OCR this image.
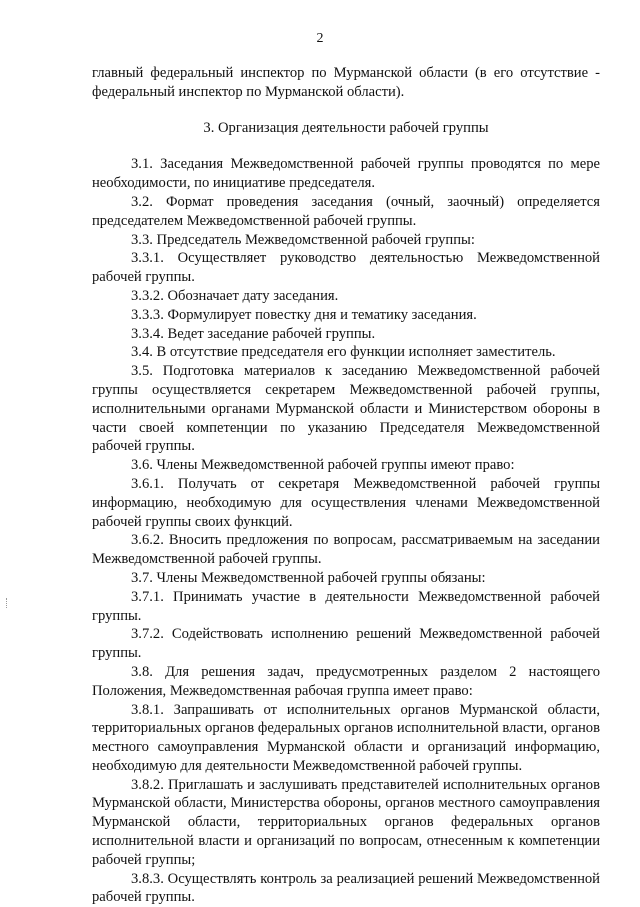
2

главный федеральный инспектор по Мурманской области (в его отсутствие - федеральный инспектор по Мурманской области).

3. Организация деятельности рабочей группы

3.1. Заседания Межведомственной рабочей группы проводятся по мере необходимости, по инициативе председателя.

3.2. Формат проведения заседания (очный, заочный) определяется председателем Межведомственной рабочей группы.

3.3. Председатель Межведомственной рабочей группы:

3.3.1. Осуществляет руководство деятельностью Межведомственной рабочей группы.

3.3.2. Обозначает дату заседания.

3.3.3. Формулирует повестку дня и тематику заседания.

3.3.4. Ведет заседание рабочей группы.

3.4. В отсутствие председателя его функции исполняет заместитель.

3.5. Подготовка материалов к заседанию Межведомственной рабочей группы осуществляется секретарем Межведомственной рабочей группы, исполнительными органами Мурманской области и Министерством обороны в части своей компетенции по указанию Председателя Межведомственной рабочей группы.

3.6. Члены Межведомственной рабочей группы имеют право:

3.6.1. Получать от секретаря Межведомственной рабочей группы информацию, необходимую для осуществления членами Межведомственной рабочей группы своих функций.

3.6.2. Вносить предложения по вопросам, рассматриваемым на заседании Межведомственной рабочей группы.

3.7. Члены Межведомственной рабочей группы обязаны:

3.7.1. Принимать участие в деятельности Межведомственной рабочей группы.

3.7.2. Содействовать исполнению решений Межведомственной рабочей группы.

3.8. Для решения задач, предусмотренных разделом 2 настоящего Положения, Межведомственная рабочая группа имеет право:

3.8.1. Запрашивать от исполнительных органов Мурманской области, территориальных органов федеральных органов исполнительной власти, органов местного самоуправления Мурманской области и организаций информацию, необходимую для деятельности Межведомственной рабочей группы.

3.8.2. Приглашать и заслушивать представителей исполнительных органов Мурманской области, Министерства обороны, органов местного самоуправления Мурманской области, территориальных органов федеральных органов исполнительной власти и организаций по вопросам, отнесенным к компетенции рабочей группы;

3.8.3. Осуществлять контроль за реализацией решений Межведомственной рабочей группы.
